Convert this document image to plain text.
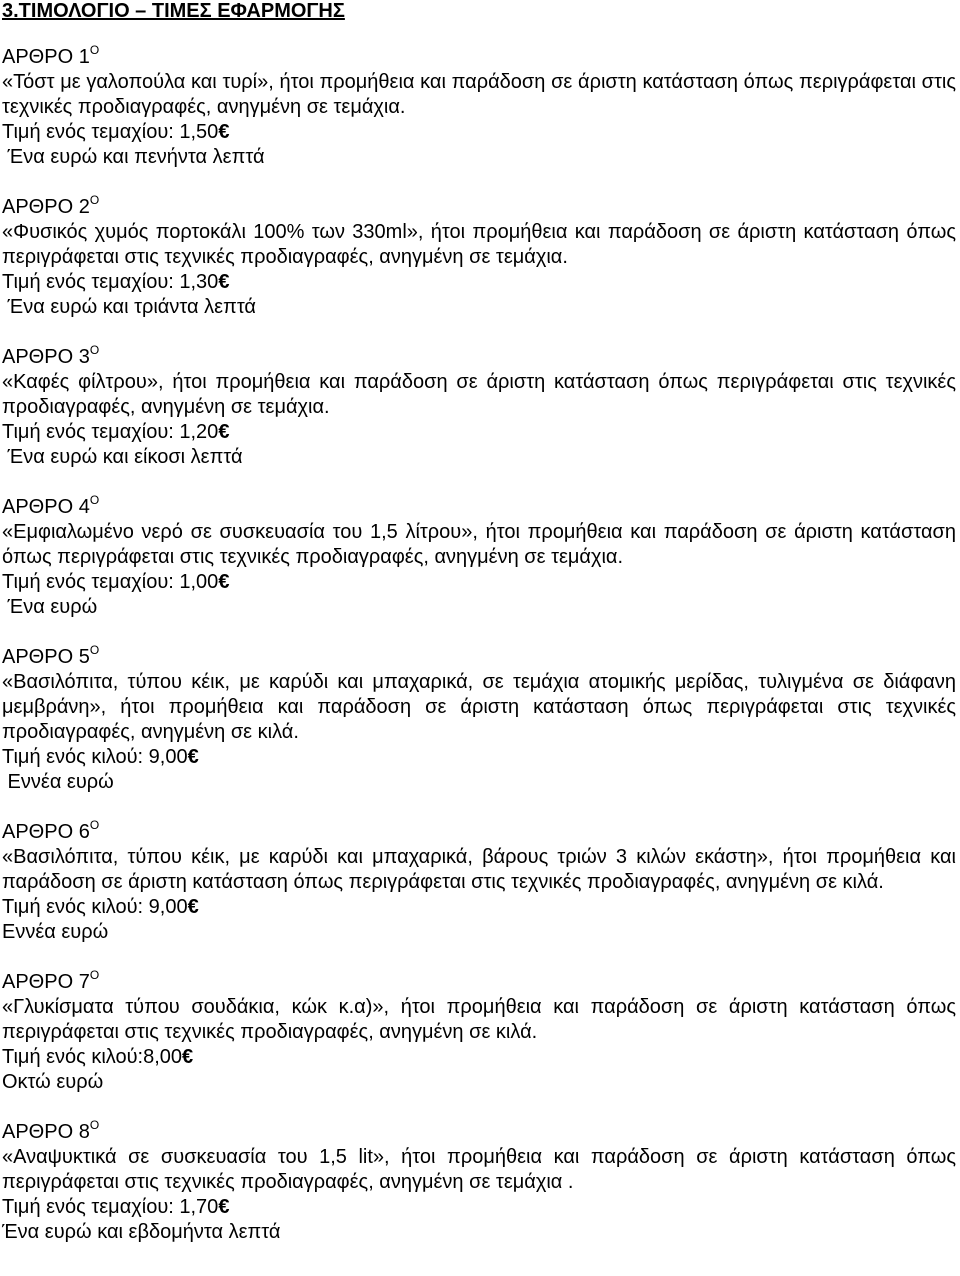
3.ΤΙΜΟΛΟΓΙΟ – ΤΙΜΕΣ ΕΦΑΡΜΟΓΗΣ

ΑΡΘΡΟ $1^O$

«Τόστ με γαλοπούλα και τυρί», ήτοι προμήθεια και παράδοση σε άριστη κατάσταση όπως περιγράφεται στις τεχνικές προδιαγραφές, ανηγμένη σε τεμάχια.

Τιμή ενός τεμαχίου: 1,50€

Ένα ευρώ και πενήντα λεπτά

ΑΡΘΡΟ $2^O$

«Φυσικός χυμός πορτοκάλι 100% των 330ml», ήτοι προμήθεια και παράδοση σε άριστη κατάσταση όπως περιγράφεται στις τεχνικές προδιαγραφές, ανηγμένη σε τεμάχια.

Τιμή ενός τεμαχίου: 1,30€

Ένα ευρώ και τριάντα λεπτά

ΑΡΘΡΟ $3^O$

«Καφές φίλτρου», ήτοι προμήθεια και παράδοση σε άριστη κατάσταση όπως περιγράφεται στις τεχνικές προδιαγραφές, ανηγμένη σε τεμάχια.

Τιμή ενός τεμαχίου: 1,20€

Ένα ευρώ και είκοσι λεπτά

ΑΡΘΡΟ $4^O$

«Εμφιαλωμένο νερό σε συσκευασία του 1,5 λίτρου», ήτοι προμήθεια και παράδοση σε άριστη κατάσταση όπως περιγράφεται στις τεχνικές προδιαγραφές, ανηγμένη σε τεμάχια.

Τιμή ενός τεμαχίου: 1,00€

Ένα ευρώ

ΑΡΘΡΟ $5^O$

«Βασιλόπιτα, τύπου κέικ, με καρύδι και μπαχαρικά, σε τεμάχια ατομικής μερίδας, τυλιγμένα σε διάφανη μεμβράνη», ήτοι προμήθεια και παράδοση σε άριστη κατάσταση όπως περιγράφεται στις τεχνικές προδιαγραφές, ανηγμένη σε κιλά.

Τιμή ενός κιλού: 9,00€

Εννέα ευρώ

ΑΡΘΡΟ $6^O$

«Βασιλόπιτα, τύπου κέικ, με καρύδι και μπαχαρικά, βάρους τριών 3 κιλών εκάστη», ήτοι προμήθεια και παράδοση σε άριστη κατάσταση όπως περιγράφεται στις τεχνικές προδιαγραφές, ανηγμένη σε κιλά.

Τιμή ενός κιλού: 9,00€

Εννέα ευρώ

ΑΡΘΡΟ $7^O$

«Γλυκίσματα τύπου σουδάκια, κώκ κ.α)», ήτοι προμήθεια και παράδοση σε άριστη κατάσταση όπως περιγράφεται στις τεχνικές προδιαγραφές, ανηγμένη σε κιλά.

Τιμή ενός κιλού:8,00€

Οκτώ ευρώ

ΑΡΘΡΟ $8^O$

«Αναψυκτικά σε συσκευασία του 1,5 lit», ήτοι προμήθεια και παράδοση σε άριστη κατάσταση όπως περιγράφεται στις τεχνικές προδιαγραφές, ανηγμένη σε τεμάχια .

Τιμή ενός τεμαχίου: 1,70€

Ένα ευρώ και εβδομήντα λεπτά
